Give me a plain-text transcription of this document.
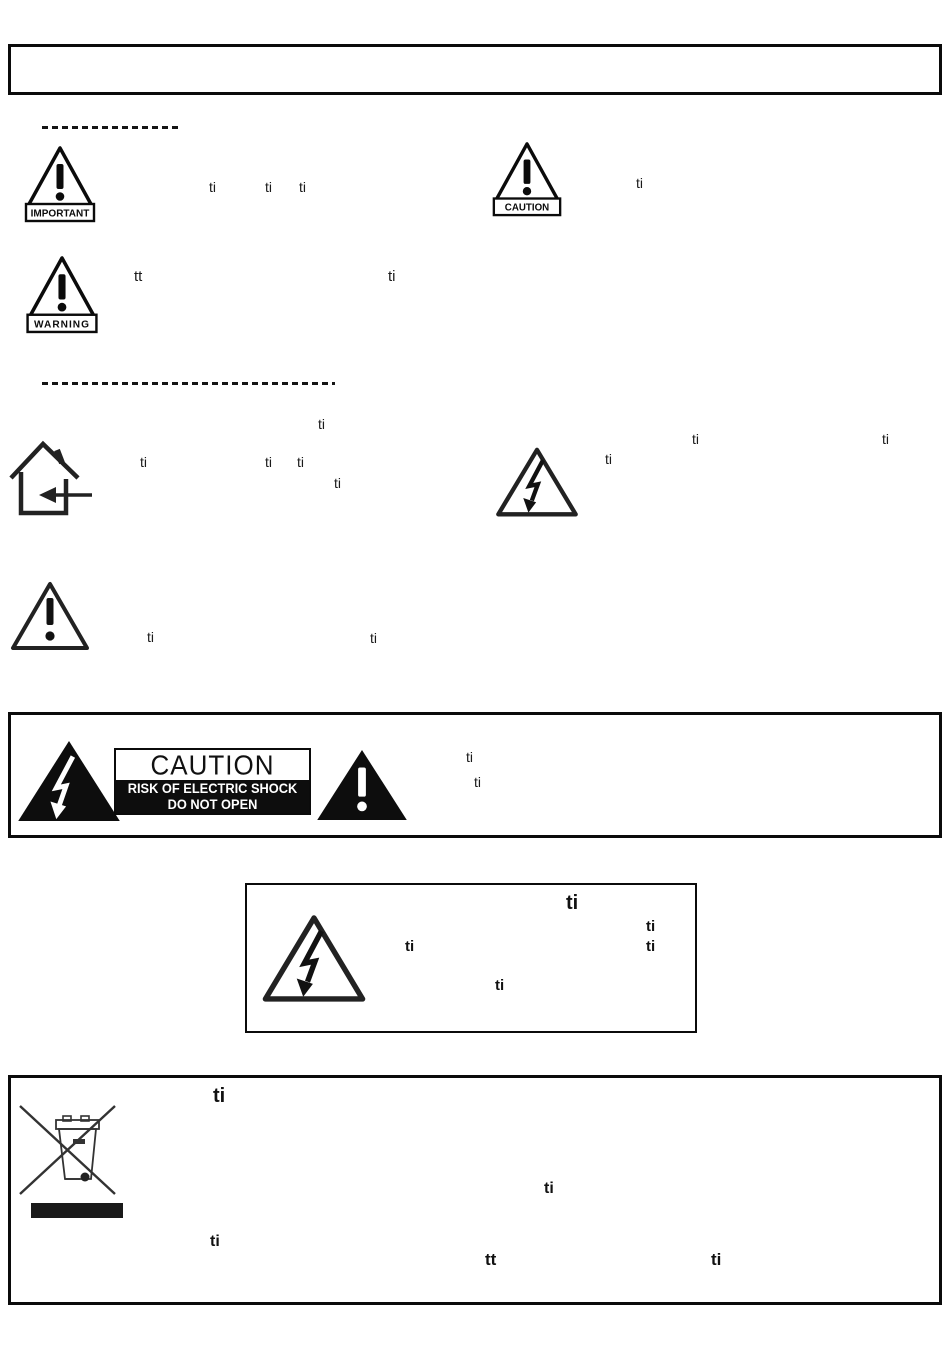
IMPORTANT
CAUTION
WARNING
CAUTION
RISK OF ELECTRIC SHOCK
DO NOT OPEN
ti	ti ti	ti
tt	ti
ti
ti	ti ti
ti
ti	ti
ti
ti	ti
ti
ti
ti
ti
ti
ti
ti
ti
ti
ti
tt	ti
